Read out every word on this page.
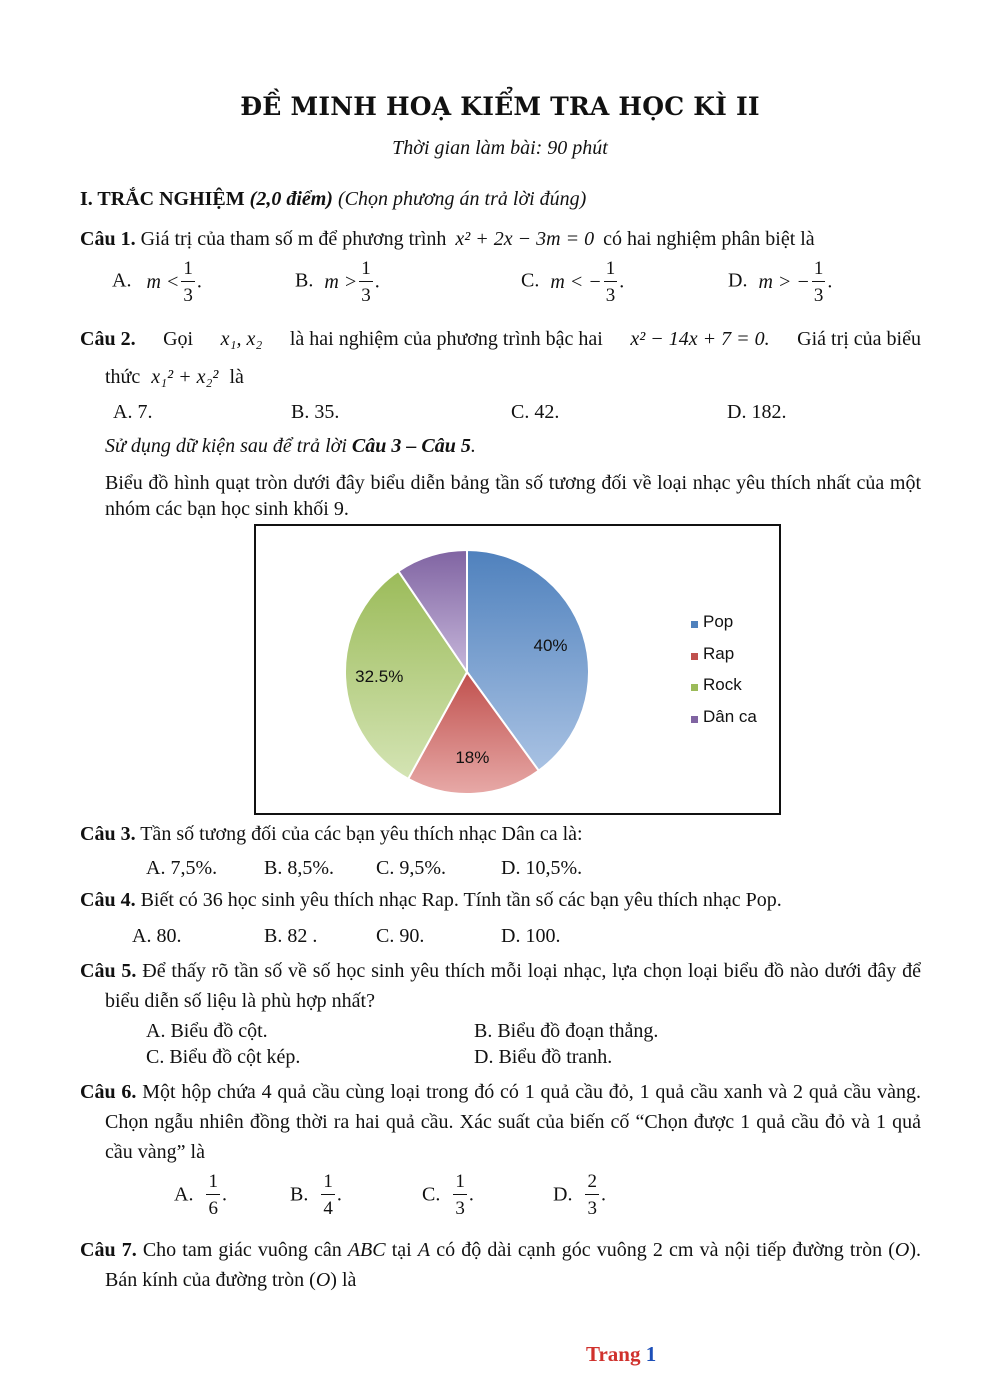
ĐỀ MINH HOẠ KIỂM TRA HỌC KÌ II
Thời gian làm bài: 90 phút
I. TRẮC NGHIỆM (2,0 điểm) (Chọn phương án trả lời đúng)
Câu 1. Giá trị của tham số m để phương trình x² + 2x − 3m = 0 có hai nghiệm phân biệt là
A. $m < \frac{1}{3}$ .	B. $m > \frac{1}{3}$ .	C. m < − $\frac{1}{3}$ .	D. m > − $\frac{1}{3}$ .
Câu 2. Gọi x₁, x₂ là hai nghiệm của phương trình bậc hai x² − 14x + 7 = 0. Giá trị của biểu
thức x₁² + x₂² là
A. 7.	B. 35.	C. 42.	D. 182.
Sử dụng dữ kiện sau để trả lời Câu 3 – Câu 5.
Biểu đồ hình quạt tròn dưới đây biểu diễn bảng tần số tương đối về loại nhạc yêu thích nhất của một nhóm các bạn học sinh khối 9.
40%
18%
32.5%
Pop
Rap
Rock
Dân ca
Câu 3. Tần số tương đối của các bạn yêu thích nhạc Dân ca là:
A. 7,5%. B. 8,5%. C. 9,5%.	D. 10,5%.
Câu 4. Biết có 36 học sinh yêu thích nhạc Rap. Tính tần số các bạn yêu thích nhạc Pop.
A. 80.	B. 82 .	C. 90.	D. 100.
Câu 5. Để thấy rõ tần số về số học sinh yêu thích mỗi loại nhạc, lựa chọn loại biểu đồ nào dưới đây để biểu diễn số liệu là phù hợp nhất?
A. Biểu đồ cột.	B. Biểu đồ đoạn thẳng.
C. Biểu đồ cột kép.	D. Biểu đồ tranh.
Câu 6. Một hộp chứa 4 quả cầu cùng loại trong đó có 1 quả cầu đỏ, 1 quả cầu xanh và 2 quả cầu vàng. Chọn ngẫu nhiên đồng thời ra hai quả cầu. Xác suất của biến cố “Chọn được 1 quả cầu đỏ và 1 quả cầu vàng” là
A. $\frac{1}{6}$ .	B. $\frac{1}{4}$ .	C. $\frac{1}{3}$ .	D. $\frac{2}{3}$ .
Câu 7. Cho tam giác vuông cân ABC tại A có độ dài cạnh góc vuông 2 cm và nội tiếp đường tròn (O). Bán kính của đường tròn (O) là
Trang 1
